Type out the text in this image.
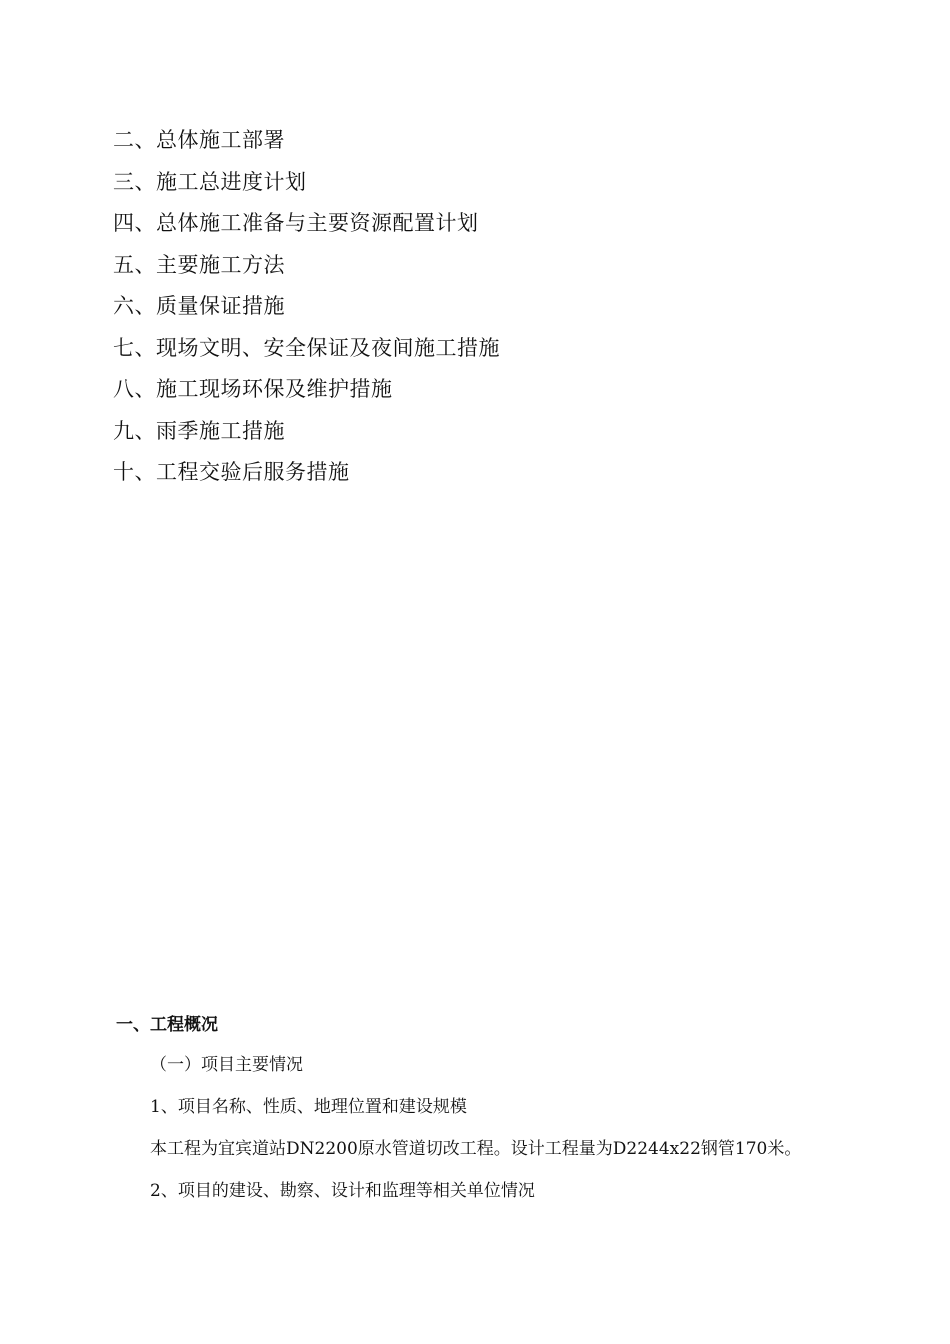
二、总体施工部署
三、施工总进度计划
四、总体施工准备与主要资源配置计划
五、主要施工方法
六、质量保证措施
七、现场文明、安全保证及夜间施工措施
八、施工现场环保及维护措施
九、雨季施工措施
十、工程交验后服务措施
一、工程概况

（一）项目主要情况

1、项目名称、性质、地理位置和建设规模

本工程为宜宾道站DN2200原水管道切改工程。设计工程量为D2244x22钢管170米。

2、项目的建设、勘察、设计和监理等相关单位情况
